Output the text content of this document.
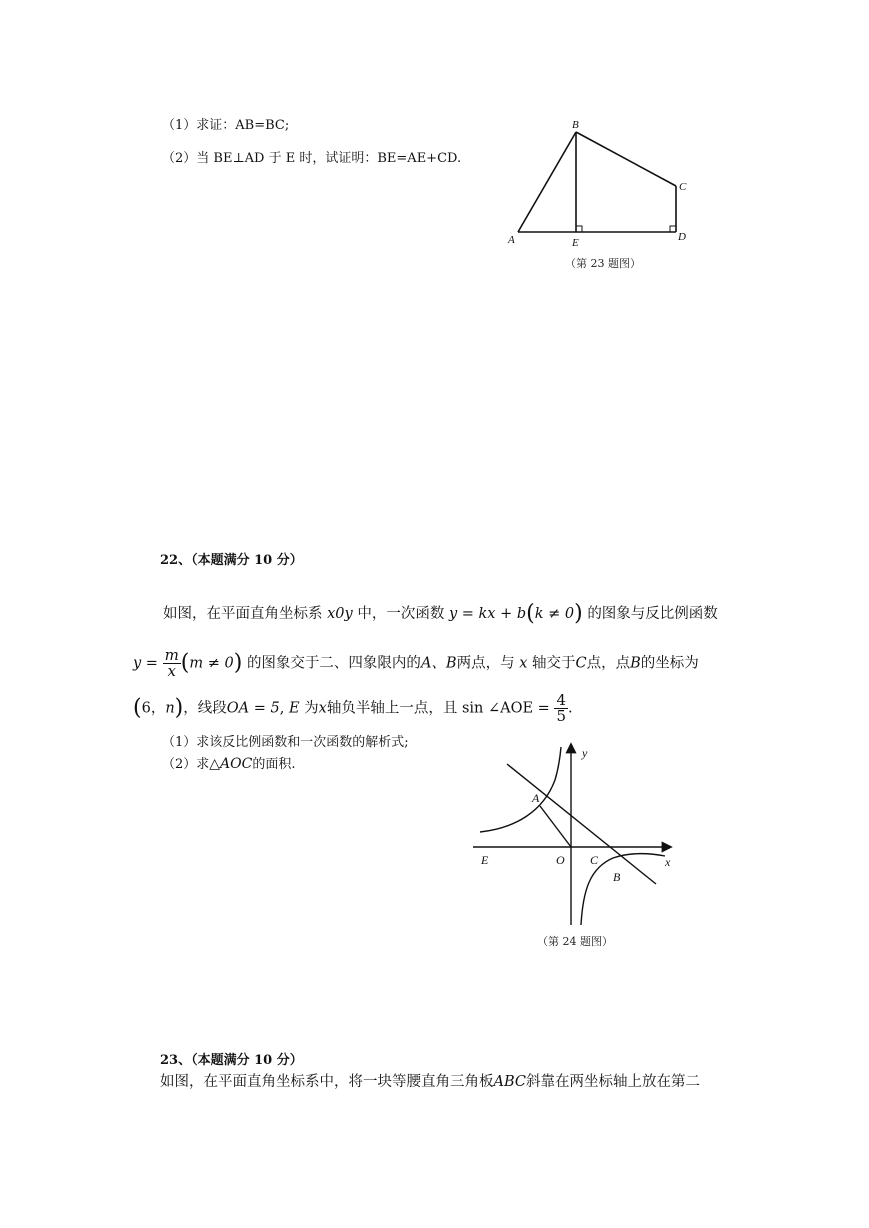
（1）求证：AB=BC;
（2）当 BE⊥AD 于 E 时，试证明：BE=AE+CD.
B
C
D
A	E
（第 23 题图）
22、（本题满分 10 分）
如图，在平面直角坐标系 x0y 中，一次函数 y = kx + b(k ≠ 0) 的图象与反比例函数
$y = \frac{m}{x} (m \ne 0)$ 的图象交于二、四象限内的A、B两点，与 x 轴交于C点，点B的坐标为
(6，n)，线段OA = 5, E 为x轴负半轴上一点，且 sin ∠AOE = $\frac{4}{5}$ .
（1）求该反比例函数和一次函数的解析式;
（2）求△AOC的面积.
y
x
A
E	O C
B
（第 24 题图）
23、（本题满分 10 分）
如图，在平面直角坐标系中，将一块等腰直角三角板ABC斜靠在两坐标轴上放在第二
